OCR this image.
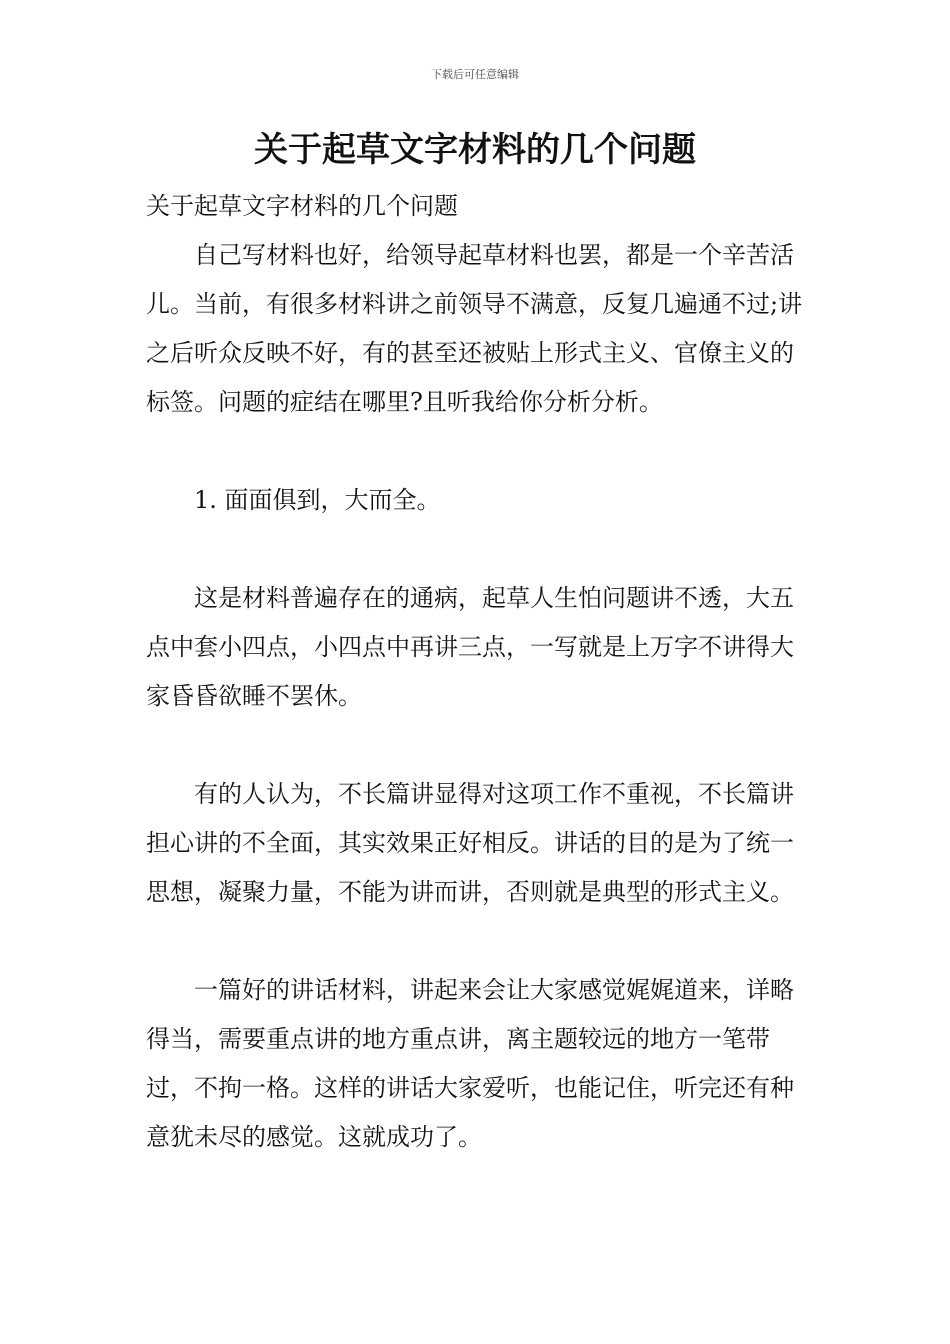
下载后可任意编辑
关于起草文字材料的几个问题

关于起草文字材料的几个问题

自己写材料也好，给领导起草材料也罢，都是一个辛苦活儿。当前，有很多材料讲之前领导不满意，反复几遍通不过;讲之后听众反映不好，有的甚至还被贴上形式主义、官僚主义的标签。问题的症结在哪里?且听我给你分析分析。

1. 面面俱到，大而全。

这是材料普遍存在的通病，起草人生怕问题讲不透，大五点中套小四点，小四点中再讲三点，一写就是上万字不讲得大家昏昏欲睡不罢休。

有的人认为，不长篇讲显得对这项工作不重视，不长篇讲担心讲的不全面，其实效果正好相反。讲话的目的是为了统一思想，凝聚力量，不能为讲而讲，否则就是典型的形式主义。

一篇好的讲话材料，讲起来会让大家感觉娓娓道来，详略得当，需要重点讲的地方重点讲，离主题较远的地方一笔带过，不拘一格。这样的讲话大家爱听，也能记住，听完还有种意犹未尽的感觉。这就成功了。
